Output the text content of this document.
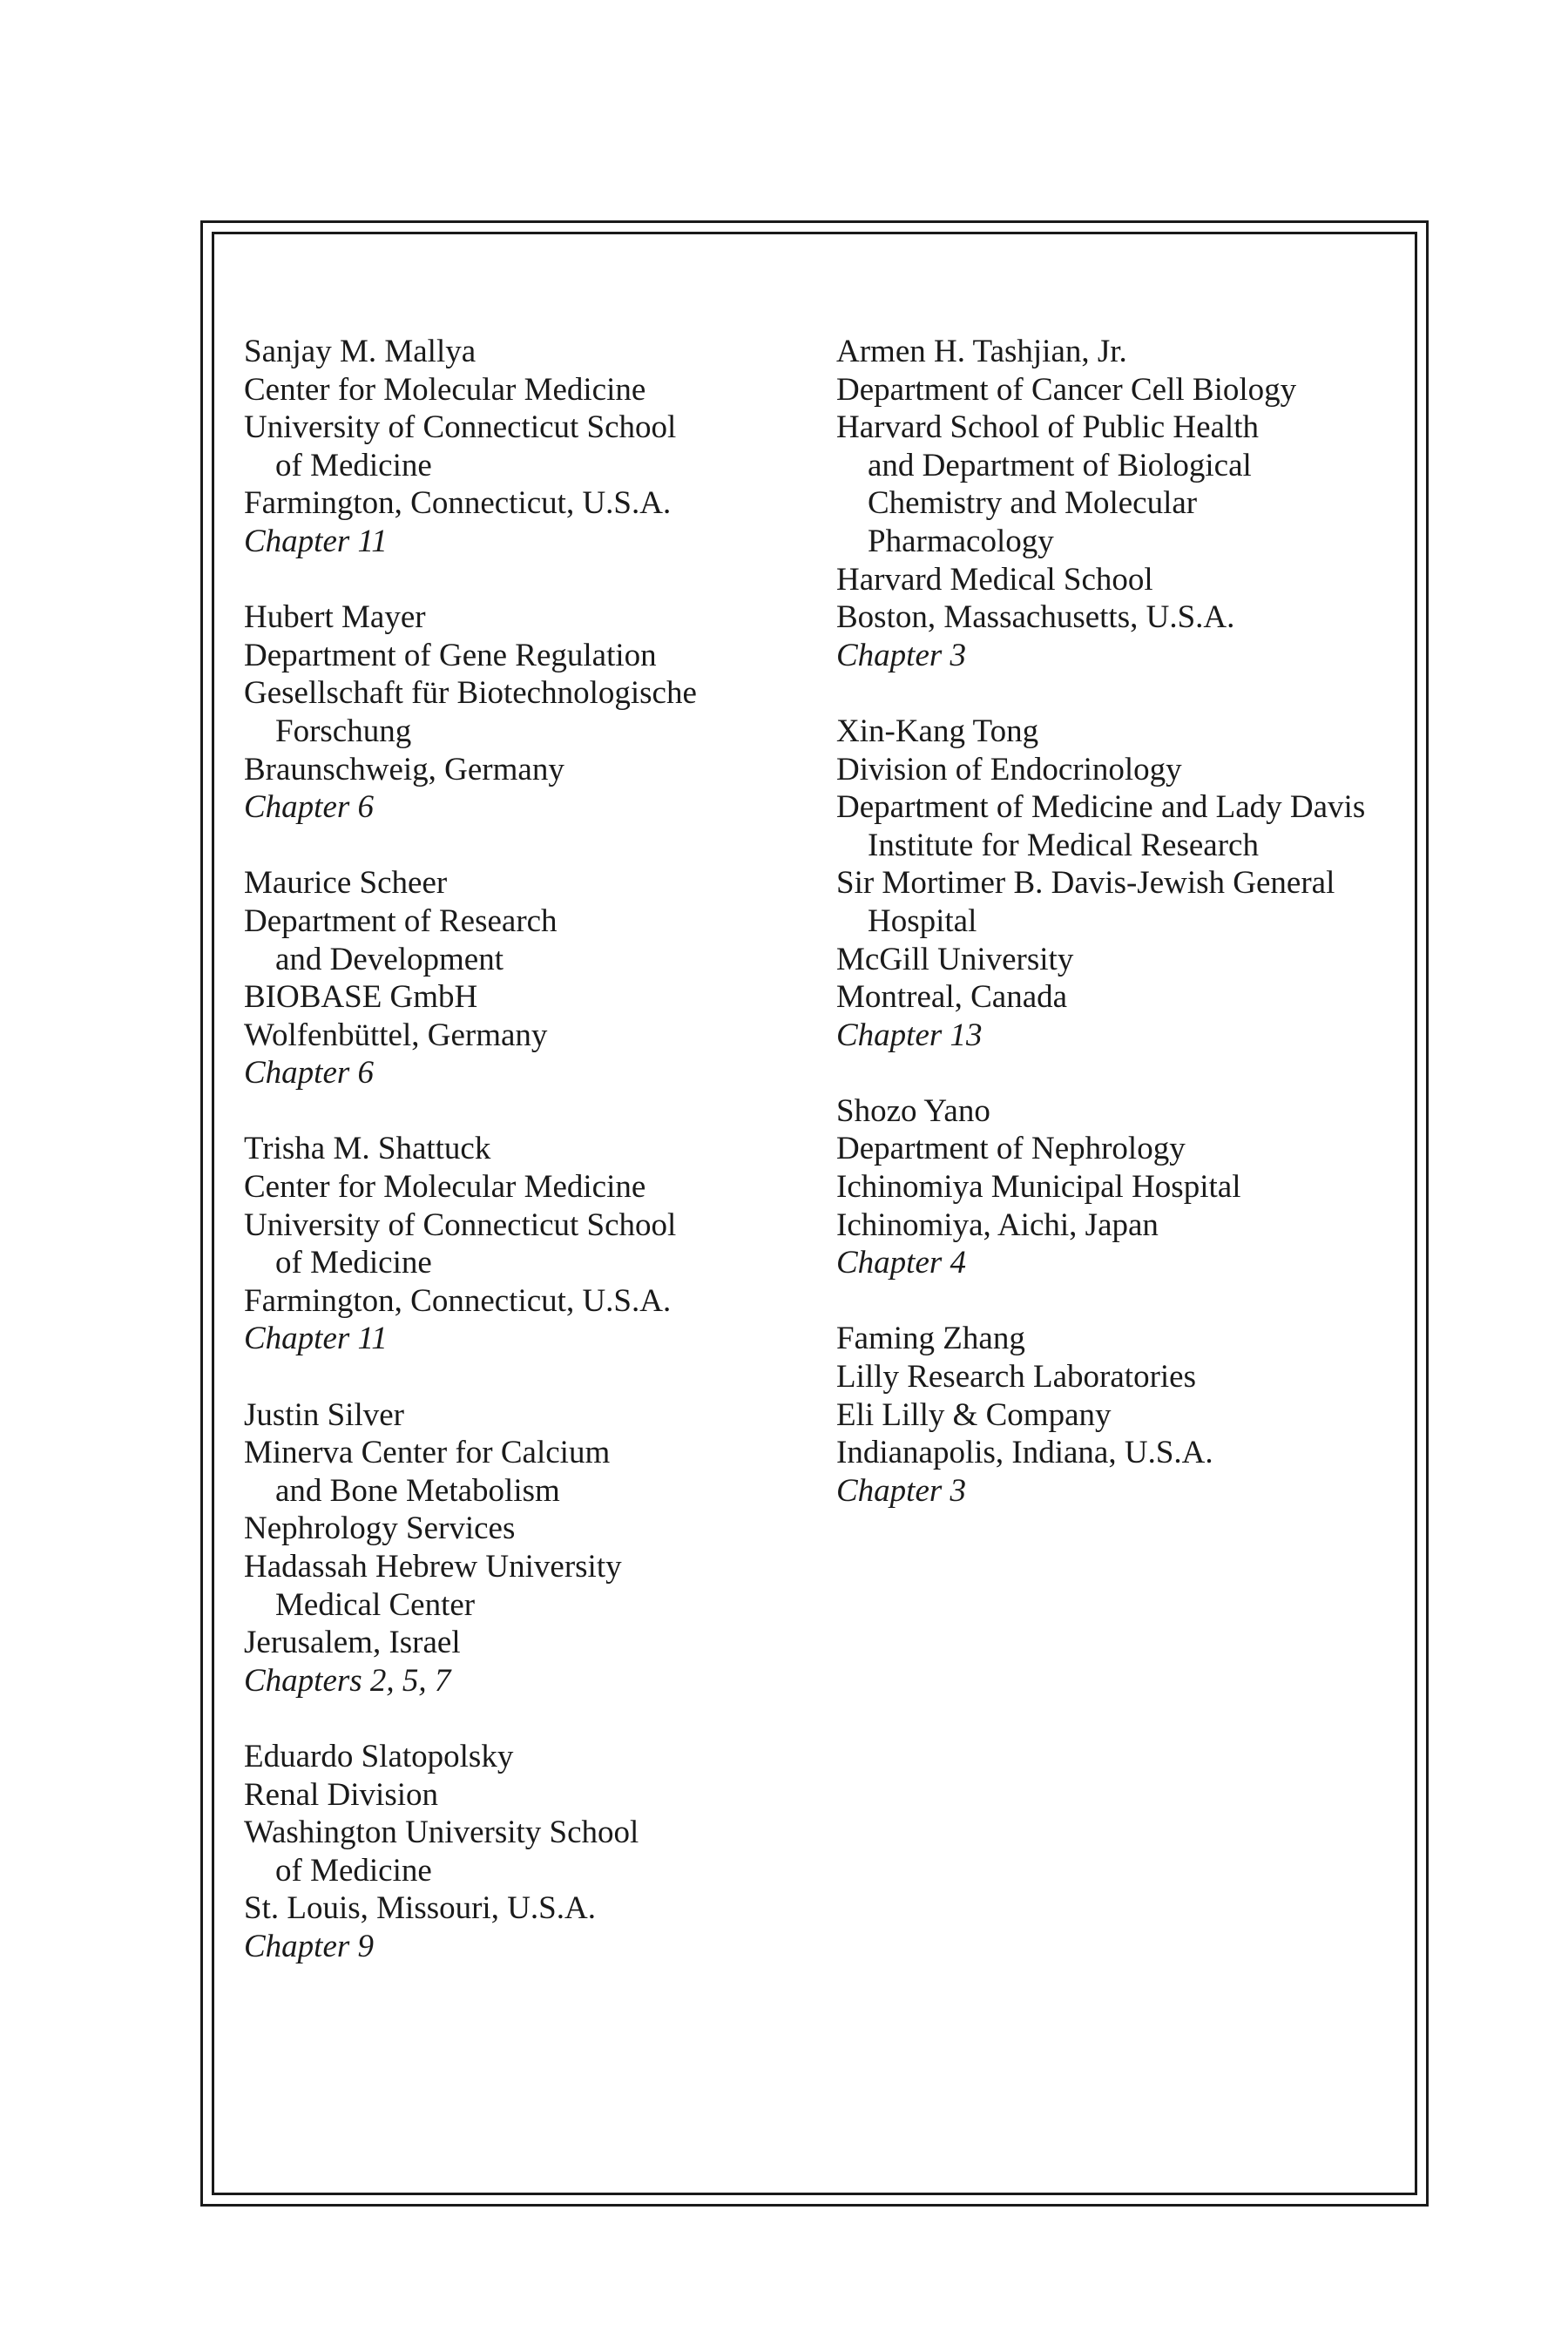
Sanjay M. Mallya
Center for Molecular Medicine
University of Connecticut School
of Medicine
Farmington, Connecticut, U.S.A.
Chapter 11
Hubert Mayer
Department of Gene Regulation
Gesellschaft für Biotechnologische
Forschung
Braunschweig, Germany
Chapter 6
Maurice Scheer
Department of Research
and Development
BIOBASE GmbH
Wolfenbüttel, Germany
Chapter 6
Trisha M. Shattuck
Center for Molecular Medicine
University of Connecticut School
of Medicine
Farmington, Connecticut, U.S.A.
Chapter 11
Justin Silver
Minerva Center for Calcium
and Bone Metabolism
Nephrology Services
Hadassah Hebrew University
Medical Center
Jerusalem, Israel
Chapters 2, 5, 7
Eduardo Slatopolsky
Renal Division
Washington University School
of Medicine
St. Louis, Missouri, U.S.A.
Chapter 9
Armen H. Tashjian, Jr.
Department of Cancer Cell Biology
Harvard School of Public Health
and Department of Biological
Chemistry and Molecular
Pharmacology
Harvard Medical School
Boston, Massachusetts, U.S.A.
Chapter 3
Xin-Kang Tong
Division of Endocrinology
Department of Medicine and Lady Davis
Institute for Medical Research
Sir Mortimer B. Davis-Jewish General
Hospital
McGill University
Montreal, Canada
Chapter 13
Shozo Yano
Department of Nephrology
Ichinomiya Municipal Hospital
Ichinomiya, Aichi, Japan
Chapter 4
Faming Zhang
Lilly Research Laboratories
Eli Lilly & Company
Indianapolis, Indiana, U.S.A.
Chapter 3
